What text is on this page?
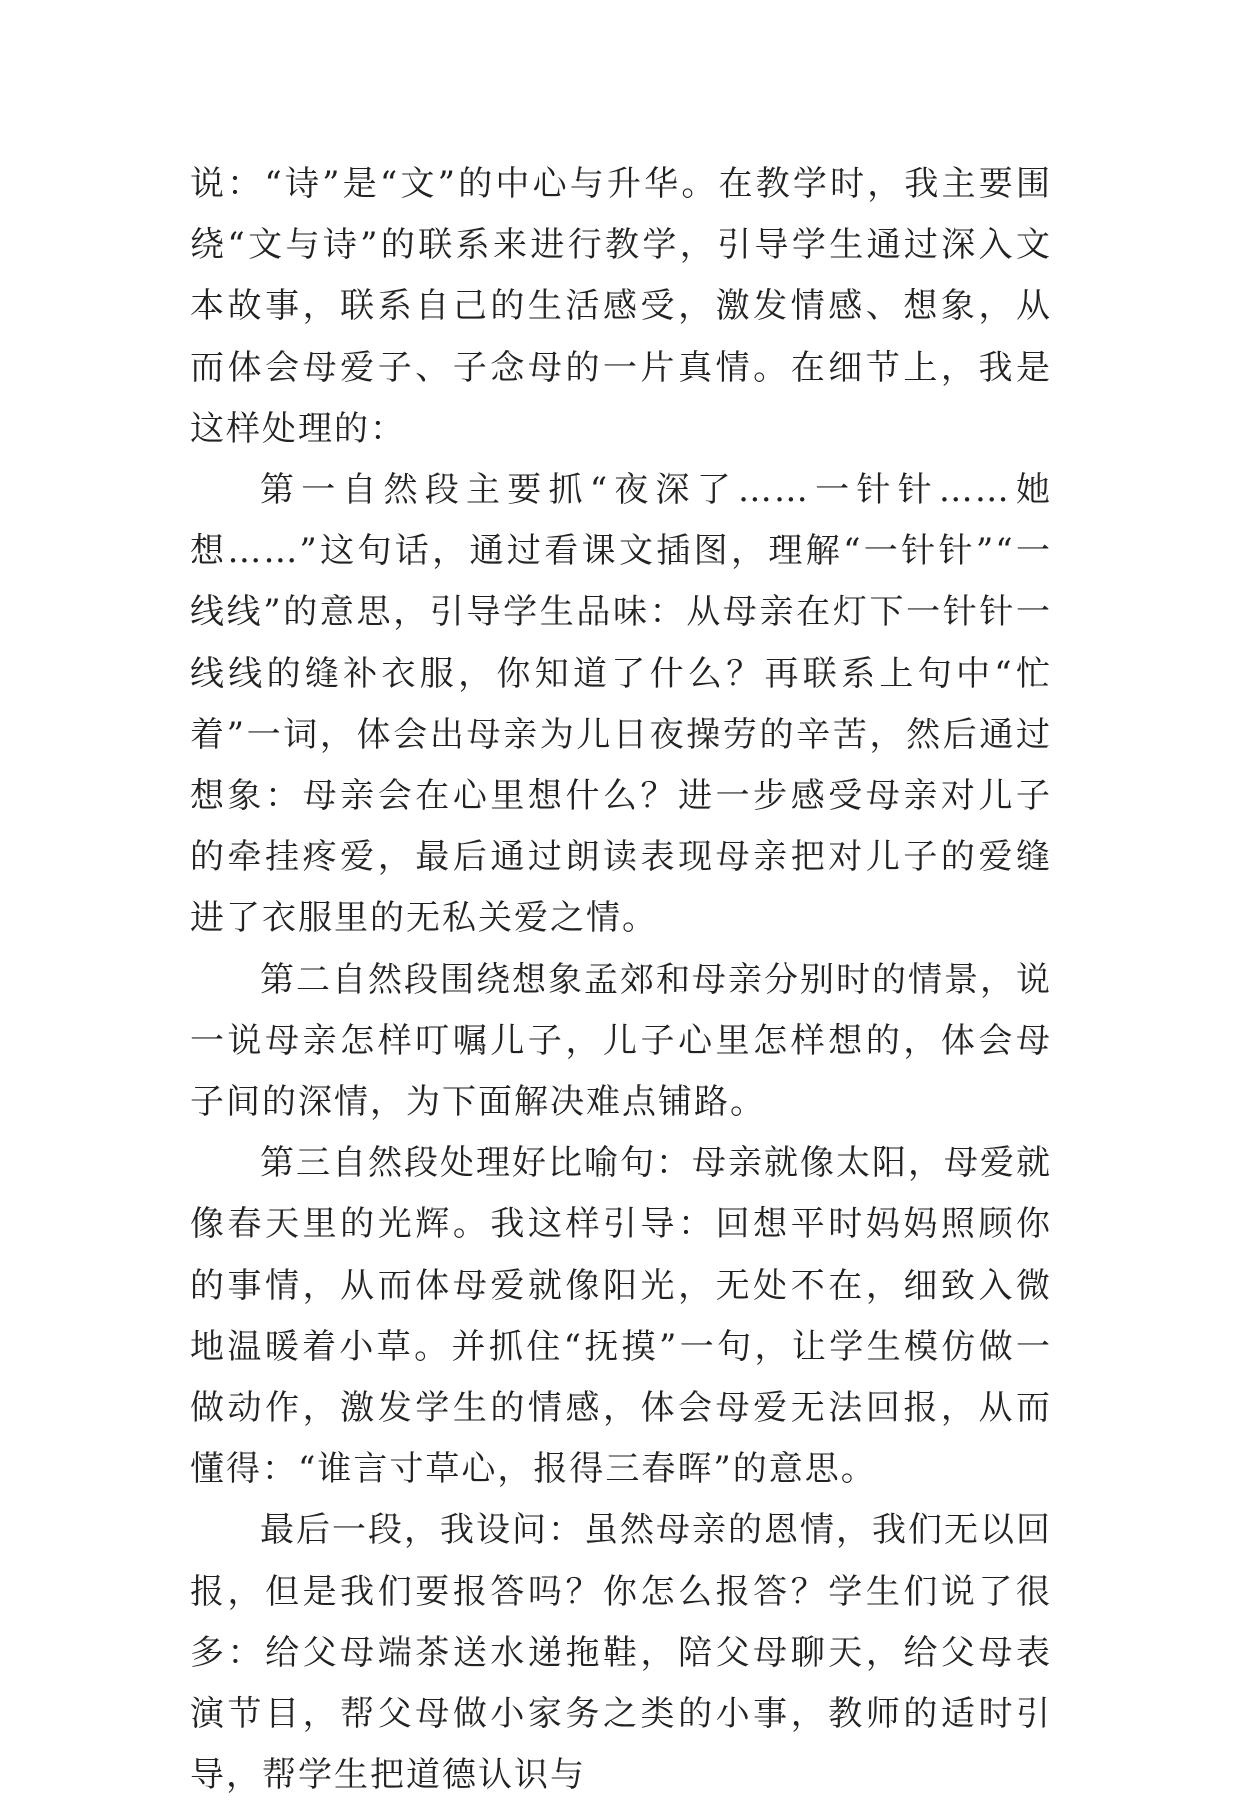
说：“诗”是“文”的中心与升华。在教学时，我主要围绕“文与诗”的联系来进行教学，引导学生通过深入文本故事，联系自己的生活感受，激发情感、想象，从而体会母爱子、子念母的一片真情。在细节上，我是这样处理的：

第一自然段主要抓“夜深了……一针针……她想……”这句话，通过看课文插图，理解“一针针”“一线线”的意思，引导学生品味：从母亲在灯下一针针一线线的缝补衣服，你知道了什么？再联系上句中“忙着”一词，体会出母亲为儿日夜操劳的辛苦，然后通过想象：母亲会在心里想什么？进一步感受母亲对儿子的牵挂疼爱，最后通过朗读表现母亲把对儿子的爱缝进了衣服里的无私关爱之情。

第二自然段围绕想象孟郊和母亲分别时的情景，说一说母亲怎样叮嘱儿子，儿子心里怎样想的，体会母子间的深情，为下面解决难点铺路。

第三自然段处理好比喻句：母亲就像太阳，母爱就像春天里的光辉。我这样引导：回想平时妈妈照顾你的事情，从而体母爱就像阳光，无处不在，细致入微地温暖着小草。并抓住“抚摸”一句，让学生模仿做一做动作，激发学生的情感，体会母爱无法回报，从而懂得：“谁言寸草心，报得三春晖”的意思。

最后一段，我设问：虽然母亲的恩情，我们无以回报，但是我们要报答吗？你怎么报答？学生们说了很多：给父母端茶送水递拖鞋，陪父母聊天，给父母表演节目，帮父母做小家务之类的小事，教师的适时引导，帮学生把道德认识与
